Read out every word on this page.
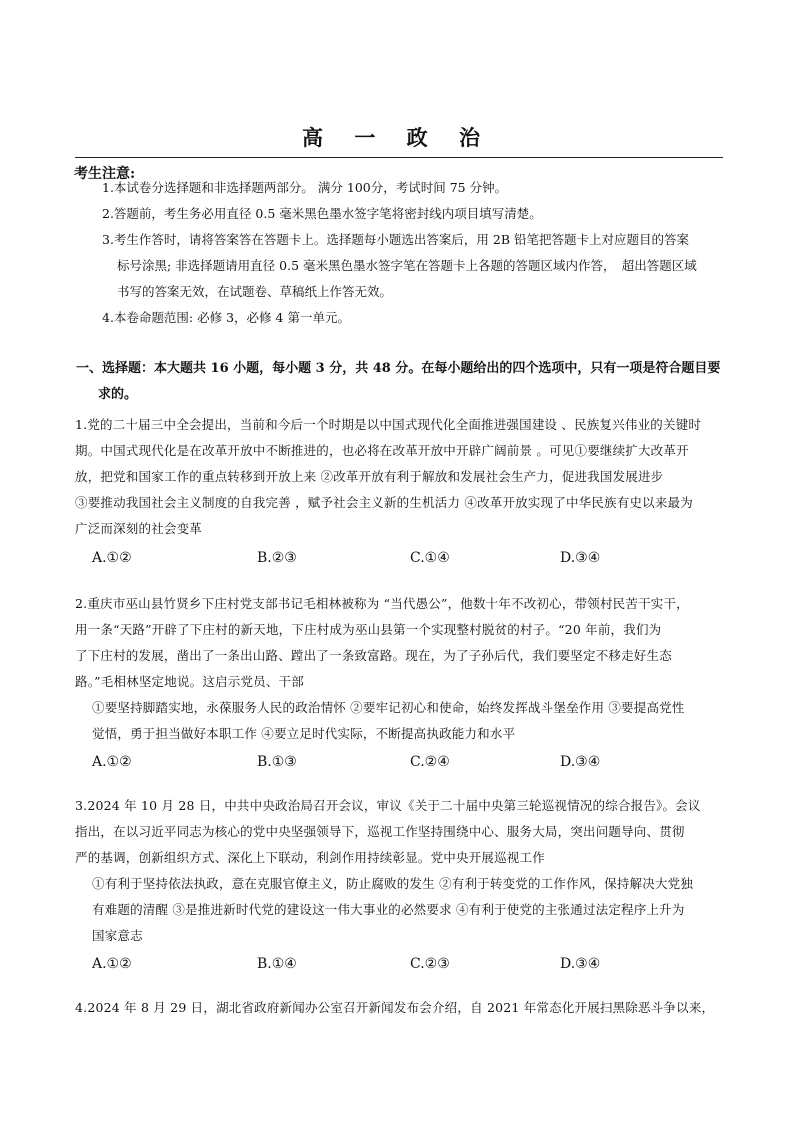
高 一 政 治
考生注意:
1.本试卷分选择题和非选择题两部分。 满分 100分，考试时间 75 分钟。
2.答题前，考生务必用直径 0.5 毫米黑色墨水签字笔将密封线内项目填写清楚。
3.考生作答时，请将答案答在答题卡上。选择题每小题选出答案后，用 2B 铅笔把答题卡上对应题目的答案
标号涂黑; 非选择题请用直径 0.5 毫米黑色墨水签字笔在答题卡上各题的答题区域内作答，　超出答题区域
书写的答案无效，在试题卷、草稿纸上作答无效。
4.本卷命题范围: 必修 3，必修 4 第一单元。
一、选择题：本大题共 16 小题，每小题 3 分，共 48 分。在每小题给出的四个选项中，只有一项是符合题目要
求的。
1.党的二十届三中全会提出，当前和今后一个时期是以中国式现代化全面推进强国建设 、民族复兴伟业的关键时
期。中国式现代化是在改革开放中不断推进的，也必将在改革开放中开辟广阔前景 。可见①要继续扩大改革开
放，把党和国家工作的重点转移到开放上来 ②改革开放有利于解放和发展社会生产力，促进我国发展进步
③要推动我国社会主义制度的自我完善 ，赋予社会主义新的生机活力 ④改革开放实现了中华民族有史以来最为
广泛而深刻的社会变革
A.①②	B.②③	C.①④	D.③④
2.重庆市巫山县竹贤乡下庄村党支部书记毛相林被称为 “当代愚公”，他数十年不改初心，带领村民苦干实干，
用一条“天路”开辟了下庄村的新天地，下庄村成为巫山县第一个实现整村脱贫的村子。“20 年前，我们为
了下庄村的发展，凿出了一条出山路、蹚出了一条致富路。现在，为了子孙后代，我们要坚定不移走好生态
路。”毛相林坚定地说。这启示党员、干部
①要坚持脚踏实地，永葆服务人民的政治情怀 ②要牢记初心和使命，始终发挥战斗堡垒作用 ③要提高党性
觉悟，勇于担当做好本职工作 ④要立足时代实际，不断提高执政能力和水平
A.①②	B.①③	C.②④	D.③④
3.2024 年 10 月 28 日，中共中央政治局召开会议，审议《关于二十届中央第三轮巡视情况的综合报告》。会议
指出，在以习近平同志为核心的党中央坚强领导下，巡视工作坚持围绕中心、服务大局，突出问题导向、贯彻
严的基调，创新组织方式、深化上下联动，利剑作用持续彰显。党中央开展巡视工作
①有利于坚持依法执政，意在克服官僚主义，防止腐败的发生 ②有利于转变党的工作作风，保持解决大党独
有难题的清醒 ③是推进新时代党的建设这一伟大事业的必然要求 ④有利于使党的主张通过法定程序上升为
国家意志
A.①②	B.①④	C.②③	D.③④
4.2024 年 8 月 29 日，湖北省政府新闻办公室召开新闻发布会介绍，自 2021 年常态化开展扫黑除恶斗争以来，
